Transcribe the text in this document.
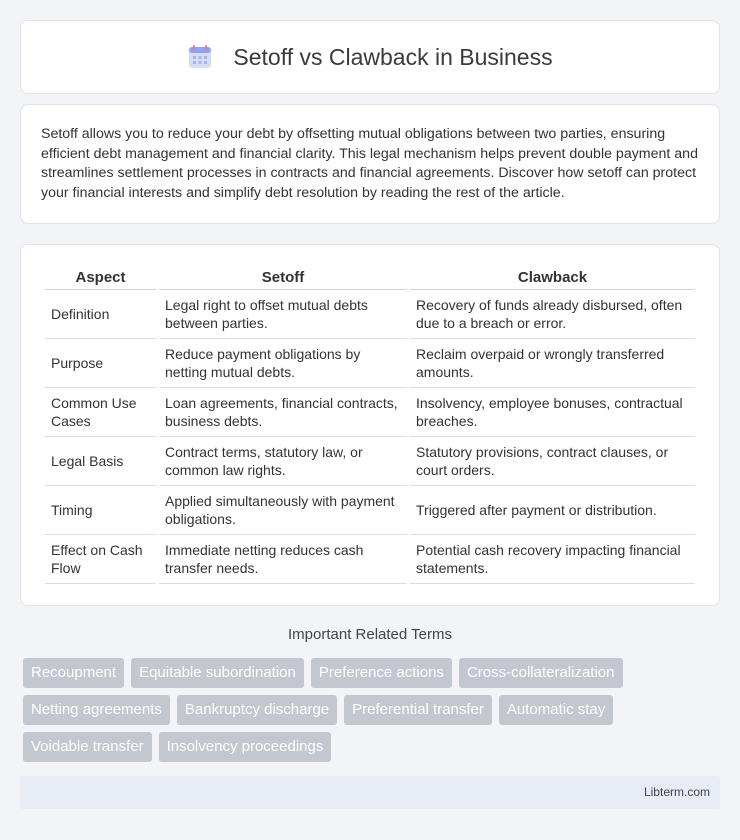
Setoff vs Clawback in Business

Setoff allows you to reduce your debt by offsetting mutual obligations between two parties, ensuring efficient debt management and financial clarity. This legal mechanism helps prevent double payment and streamlines settlement processes in contracts and financial agreements. Discover how setoff can protect your financial interests and simplify debt resolution by reading the rest of the article.

Aspect	Setoff	Clawback
Definition	Legal right to offset mutual debts between parties.	Recovery of funds already disbursed, often due to a breach or error.
Purpose	Reduce payment obligations by netting mutual debts.	Reclaim overpaid or wrongly transferred amounts.
Common Use Cases	Loan agreements, financial contracts, business debts.	Insolvency, employee bonuses, contractual breaches.
Legal Basis	Contract terms, statutory law, or common law rights.	Statutory provisions, contract clauses, or court orders.
Timing	Applied simultaneously with payment obligations.	Triggered after payment or distribution.
Effect on Cash Flow	Immediate netting reduces cash transfer needs.	Potential cash recovery impacting financial statements.
Important Related Terms
Recoupment	Equitable subordination	Preference actions	Cross-collateralization
Netting agreements	Bankruptcy discharge	Preferential transfer	Automatic stay
Voidable transfer	Insolvency proceedings
Libterm.com
